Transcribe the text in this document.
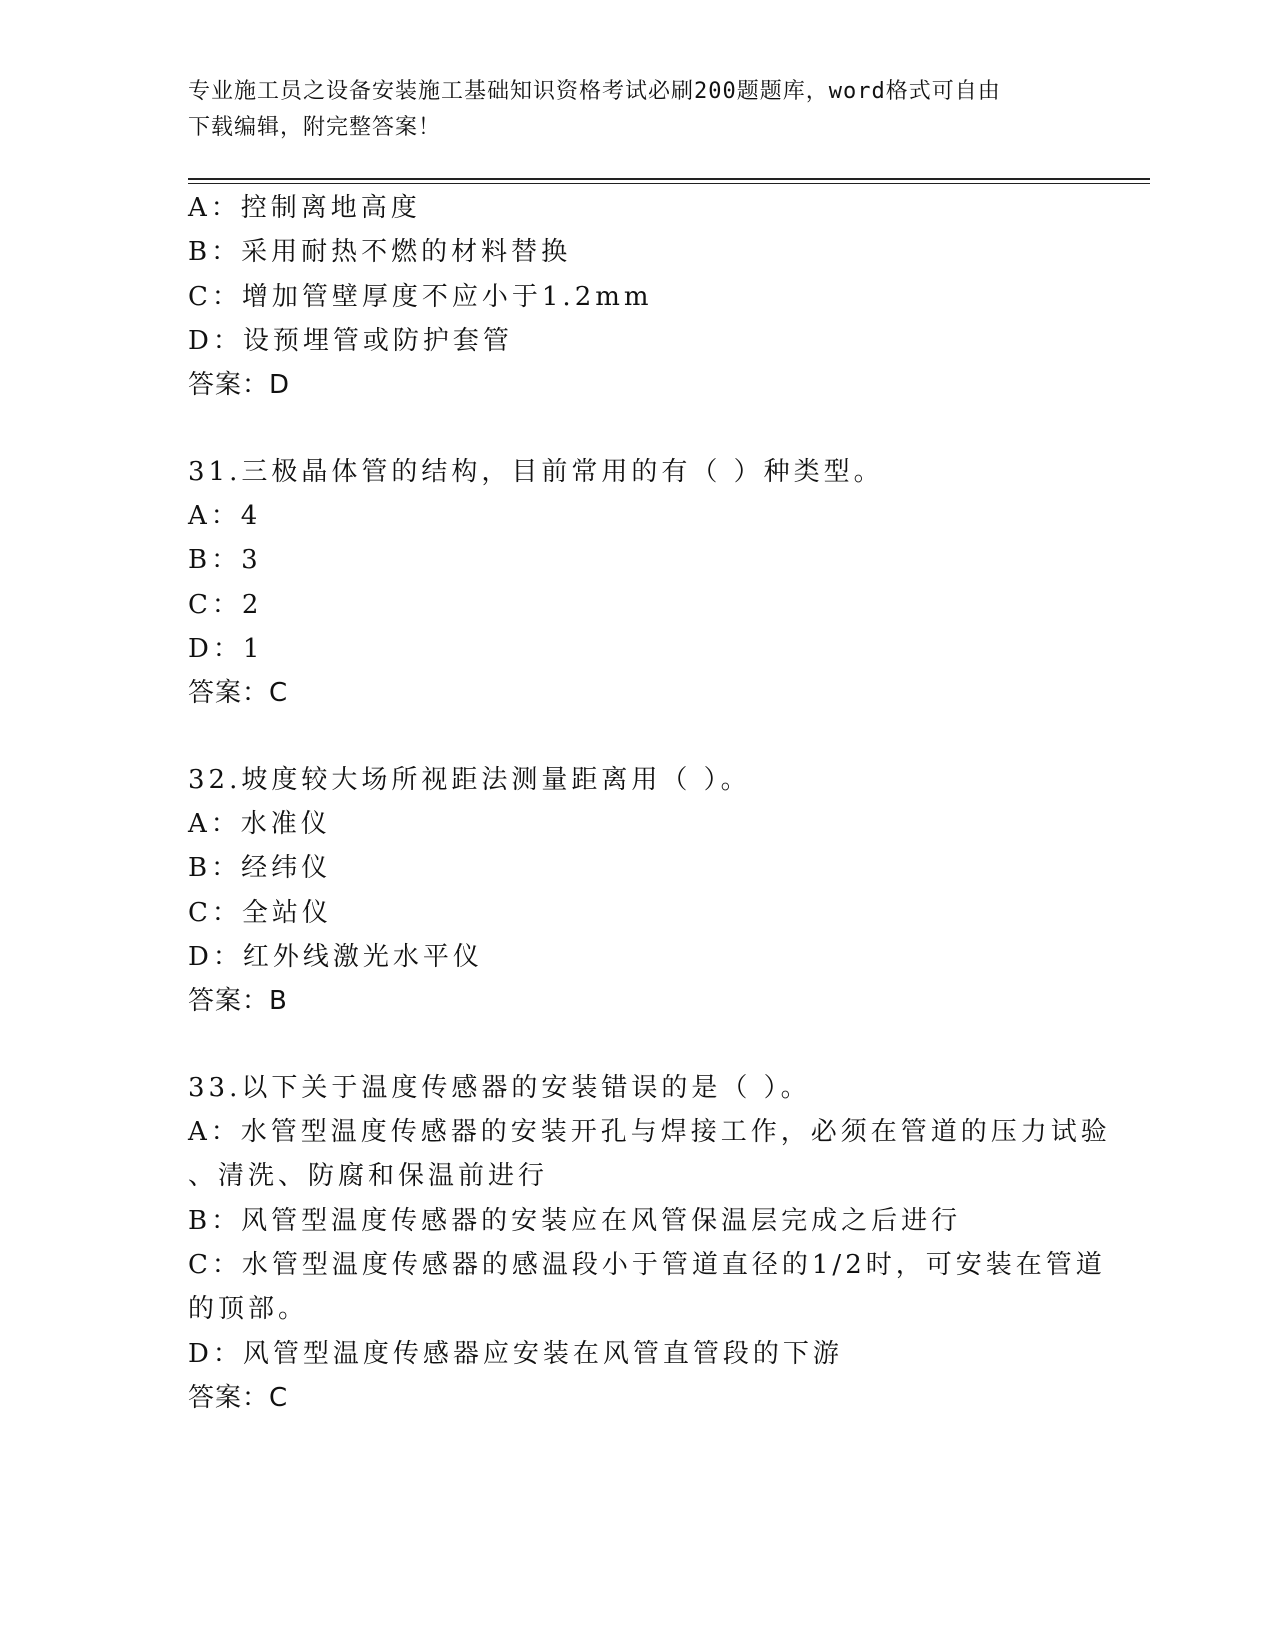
专业施工员之设备安装施工基础知识资格考试必刷200题题库，word格式可自由
下载编辑，附完整答案！
A：控制离地高度
B：采用耐热不燃的材料替换
C：增加管壁厚度不应小于1.2mm
D：设预埋管或防护套管
答案：D
31.三极晶体管的结构，目前常用的有（ ）种类型。
A：4
B：3
C：2
D：1
答案：C
32.坡度较大场所视距法测量距离用（ ）。
A：水准仪
B：经纬仪
C：全站仪
D：红外线激光水平仪
答案：B
33.以下关于温度传感器的安装错误的是（ ）。
A：水管型温度传感器的安装开孔与焊接工作，必须在管道的压力试验
、清洗、防腐和保温前进行
B：风管型温度传感器的安装应在风管保温层完成之后进行
C：水管型温度传感器的感温段小于管道直径的1/2时，可安装在管道
的顶部。
D：风管型温度传感器应安装在风管直管段的下游
答案：C
